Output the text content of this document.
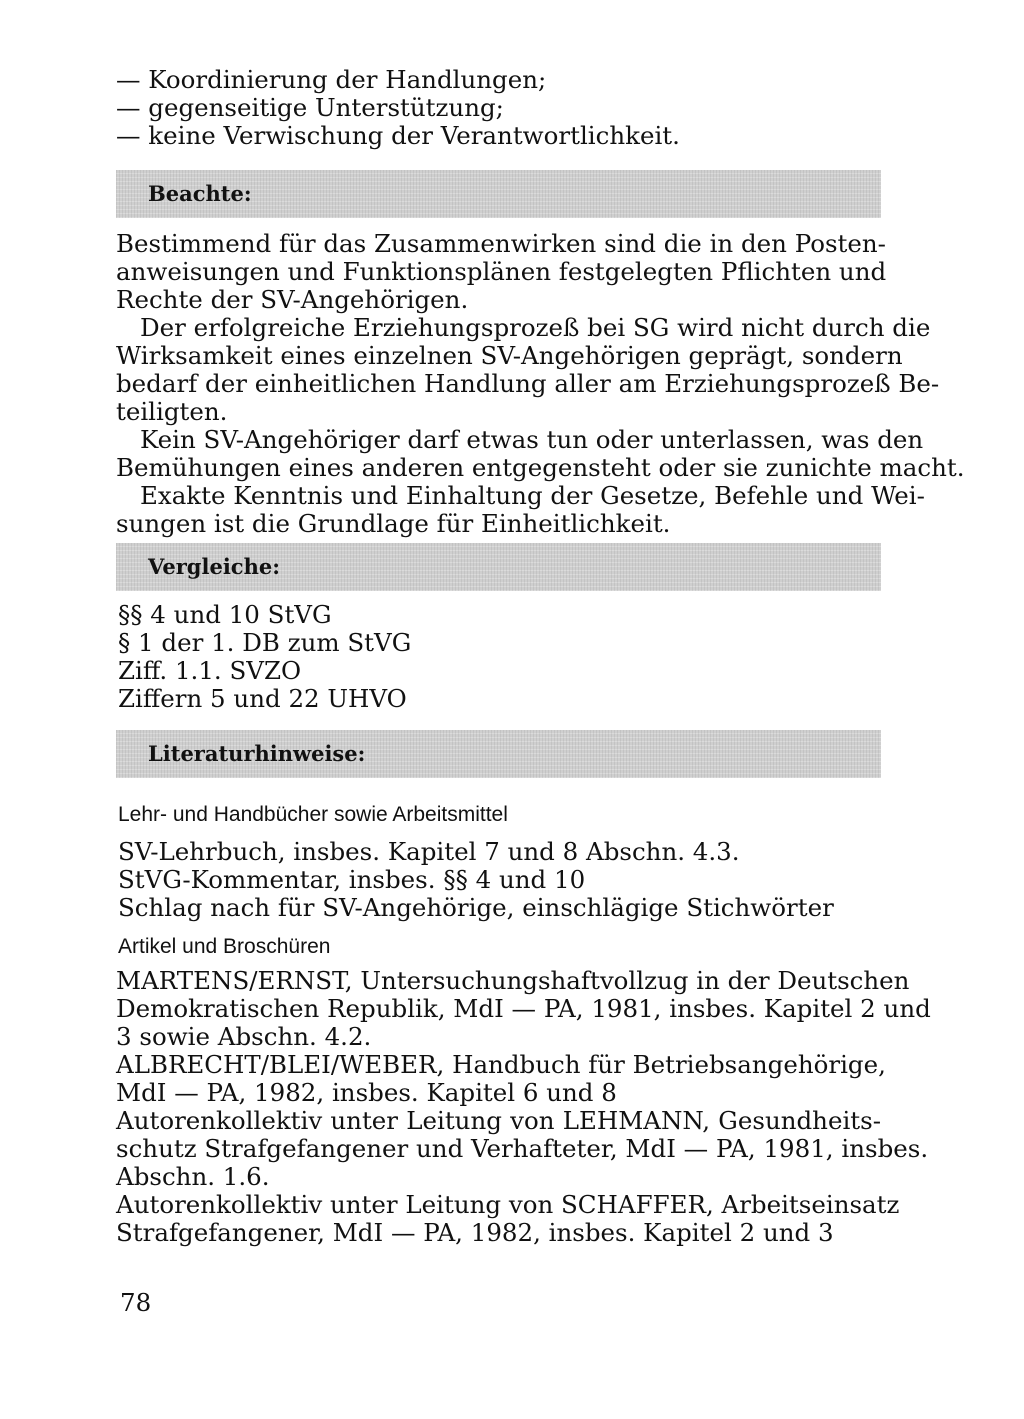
— Koordinierung der Handlungen;
— gegenseitige Unterstützung;
— keine Verwischung der Verantwortlichkeit.
Beachte:
Bestimmend für das Zusammenwirken sind die in den Posten-
anweisungen und Funktionsplänen festgelegten Pflichten und
Rechte der SV-Angehörigen.
Der erfolgreiche Erziehungsprozeß bei SG wird nicht durch die
Wirksamkeit eines einzelnen SV-Angehörigen geprägt, sondern
bedarf der einheitlichen Handlung aller am Erziehungsprozeß Be-
teiligten.
Kein SV-Angehöriger darf etwas tun oder unterlassen, was den
Bemühungen eines anderen entgegensteht oder sie zunichte macht.
Exakte Kenntnis und Einhaltung der Gesetze, Befehle und Wei-
sungen ist die Grundlage für Einheitlichkeit.
Vergleiche:
§§ 4 und 10 StVG
§ 1 der 1. DB zum StVG
Ziff. 1.1. SVZO
Ziffern 5 und 22 UHVO
Literaturhinweise:
Lehr- und Handbücher sowie Arbeitsmittel
SV-Lehrbuch, insbes. Kapitel 7 und 8 Abschn. 4.3.
StVG-Kommentar, insbes. §§ 4 und 10
Schlag nach für SV-Angehörige, einschlägige Stichwörter
Artikel und Broschüren
MARTENS/ERNST, Untersuchungshaftvollzug in der Deutschen
Demokratischen Republik, MdI — PA, 1981, insbes. Kapitel 2 und
3 sowie Abschn. 4.2.
ALBRECHT/BLEI/WEBER, Handbuch für Betriebsangehörige,
MdI — PA, 1982, insbes. Kapitel 6 und 8
Autorenkollektiv unter Leitung von LEHMANN, Gesundheits-
schutz Strafgefangener und Verhafteter, MdI — PA, 1981, insbes.
Abschn. 1.6.
Autorenkollektiv unter Leitung von SCHAFFER, Arbeitseinsatz
Strafgefangener, MdI — PA, 1982, insbes. Kapitel 2 und 3
78
